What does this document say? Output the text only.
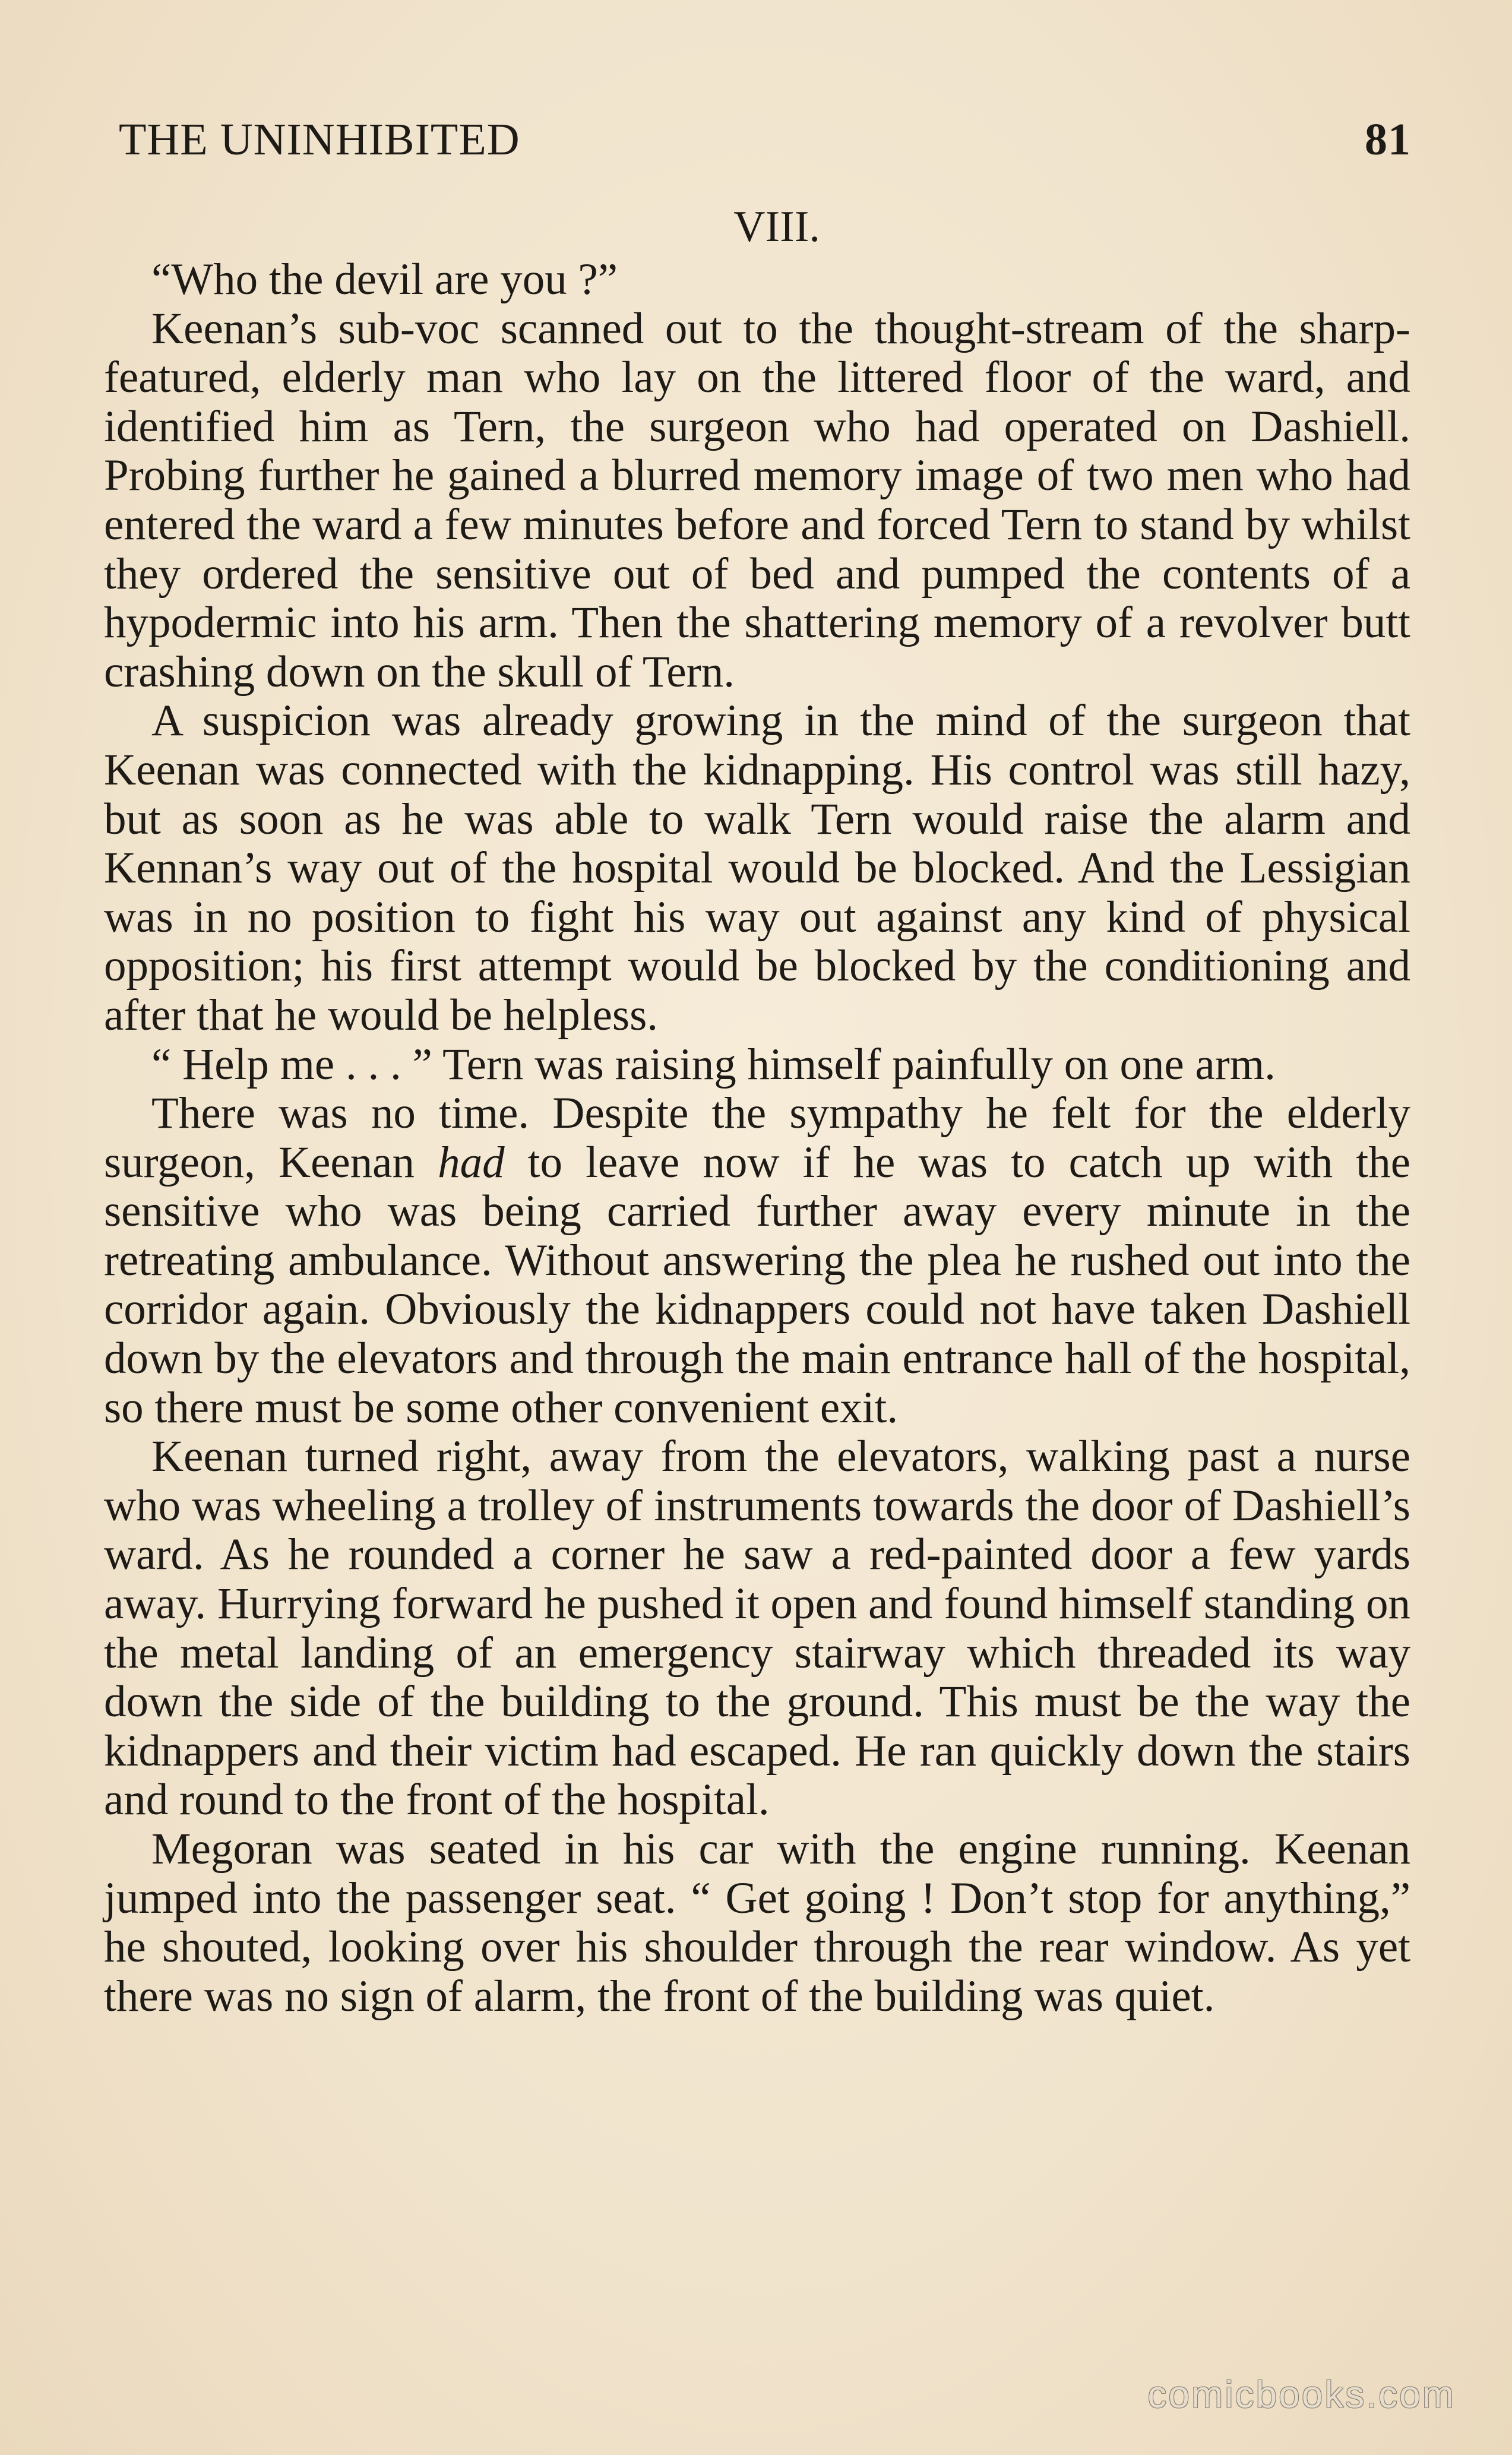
THE UNINHIBITED	81
VIII.

“Who the devil are you ?”

Keenan’s sub-voc scanned out to the thought-stream of the sharp-featured, elderly man who lay on the littered floor of the ward, and identified him as Tern, the surgeon who had operated on Dashiell. Probing further he gained a blurred memory image of two men who had entered the ward a few minutes before and forced Tern to stand by whilst they ordered the sensitive out of bed and pumped the contents of a hypodermic into his arm. Then the shattering memory of a revolver butt crashing down on the skull of Tern.

A suspicion was already growing in the mind of the surgeon that Keenan was connected with the kidnapping. His control was still hazy, but as soon as he was able to walk Tern would raise the alarm and Kennan’s way out of the hospital would be blocked. And the Lessigian was in no position to fight his way out against any kind of physical opposition; his first attempt would be blocked by the conditioning and after that he would be helpless.

“ Help me . . . ” Tern was raising himself painfully on one arm.

There was no time. Despite the sympathy he felt for the elderly surgeon, Keenan had to leave now if he was to catch up with the sensitive who was being carried further away every minute in the retreating ambulance. Without answering the plea he rushed out into the corridor again. Obviously the kidnappers could not have taken Dashiell down by the elevators and through the main entrance hall of the hospital, so there must be some other convenient exit.

Keenan turned right, away from the elevators, walking past a nurse who was wheeling a trolley of instruments towards the door of Dashiell’s ward. As he rounded a corner he saw a red-painted door a few yards away. Hurrying forward he pushed it open and found himself standing on the metal landing of an emergency stairway which threaded its way down the side of the building to the ground. This must be the way the kidnappers and their victim had escaped. He ran quickly down the stairs and round to the front of the hospital.

Megoran was seated in his car with the engine running. Keenan jumped into the passenger seat. “ Get going ! Don’t stop for anything,” he shouted, looking over his shoulder through the rear window. As yet there was no sign of alarm, the front of the building was quiet.

comicbooks.com
